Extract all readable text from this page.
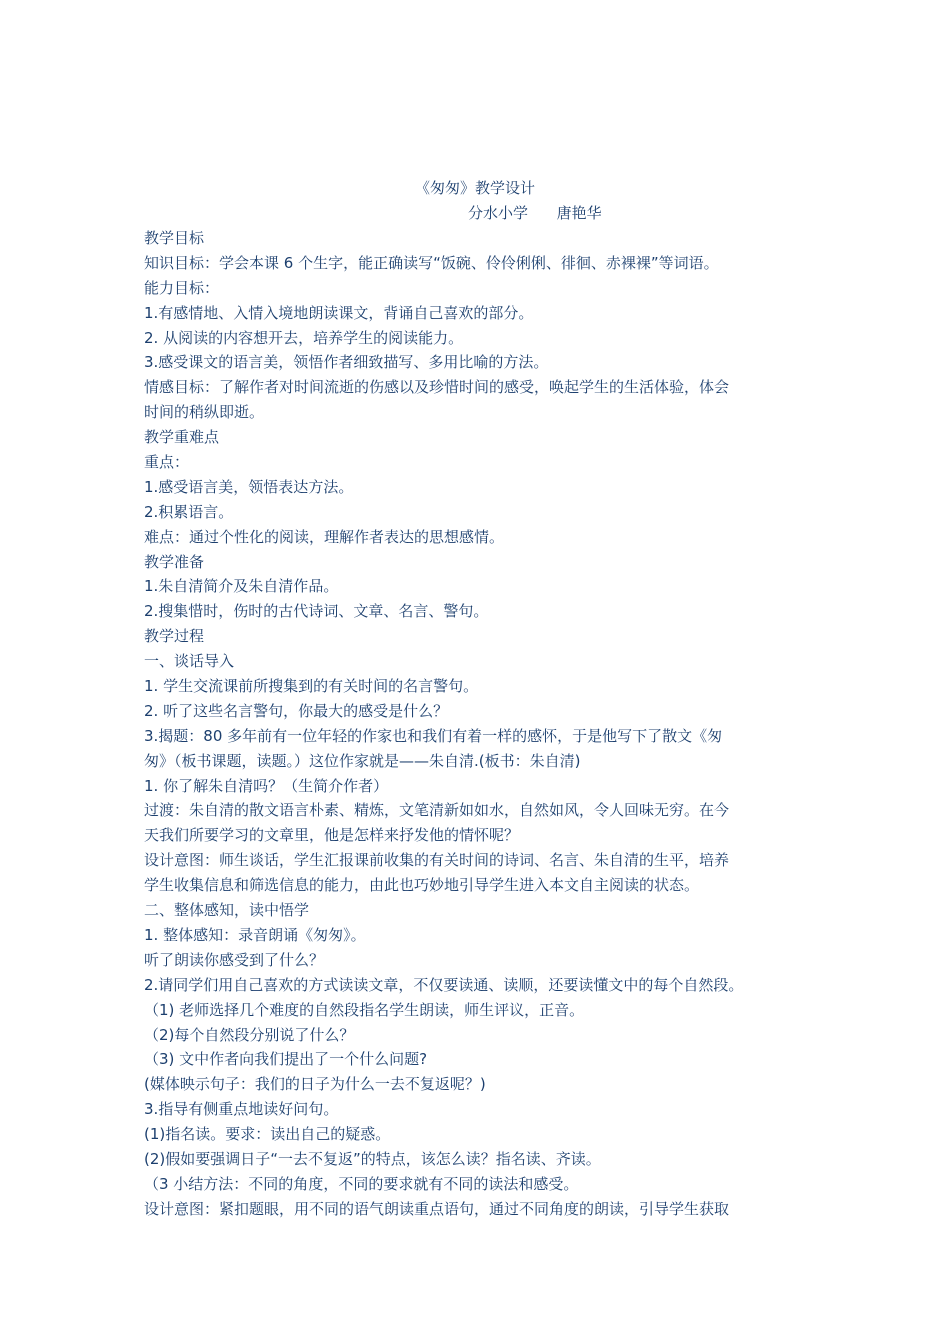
《匆匆》教学设计
分水小学      唐艳华
教学目标
知识目标：学会本课 6 个生字，能正确读写“饭碗、伶伶俐俐、徘徊、赤裸裸”等词语。
能力目标：
1.有感情地、入情入境地朗读课文，背诵自己喜欢的部分。
2. 从阅读的内容想开去，培养学生的阅读能力。
3.感受课文的语言美，领悟作者细致描写、多用比喻的方法。
情感目标：了解作者对时间流逝的伤感以及珍惜时间的感受，唤起学生的生活体验，体会
时间的稍纵即逝。
教学重难点
重点：
1.感受语言美，领悟表达方法。
2.积累语言。
难点：通过个性化的阅读，理解作者表达的思想感情。
教学准备
1.朱自清简介及朱自清作品。
2.搜集惜时，伤时的古代诗词、文章、名言、警句。
教学过程
一、谈话导入
1. 学生交流课前所搜集到的有关时间的名言警句。
2. 听了这些名言警句，你最大的感受是什么？
3.揭题：80 多年前有一位年轻的作家也和我们有着一样的感怀，于是他写下了散文《匆
匆》（板书课题，读题。）这位作家就是——朱自清.(板书：朱自清)
1. 你了解朱自清吗？（生简介作者）
过渡：朱自清的散文语言朴素、精炼，文笔清新如如水，自然如风，令人回味无穷。在今
天我们所要学习的文章里，他是怎样来抒发他的情怀呢？
设计意图：师生谈话，学生汇报课前收集的有关时间的诗词、名言、朱自清的生平，培养
学生收集信息和筛选信息的能力，由此也巧妙地引导学生进入本文自主阅读的状态。
二、整体感知，读中悟学
1. 整体感知：录音朗诵《匆匆》。
听了朗读你感受到了什么？
2.请同学们用自己喜欢的方式读读文章，不仅要读通、读顺，还要读懂文中的每个自然段。
（1) 老师选择几个难度的自然段指名学生朗读，师生评议，正音。
（2)每个自然段分别说了什么？
（3) 文中作者向我们提出了一个什么问题?
(媒体映示句子：我们的日子为什么一去不复返呢？)
3.指导有侧重点地读好问句。
(1)指名读。要求：读出自己的疑惑。
(2)假如要强调日子“一去不复返”的特点，该怎么读？指名读、齐读。
（3 小结方法：不同的角度，不同的要求就有不同的读法和感受。
设计意图：紧扣题眼，用不同的语气朗读重点语句，通过不同角度的朗读，引导学生获取
